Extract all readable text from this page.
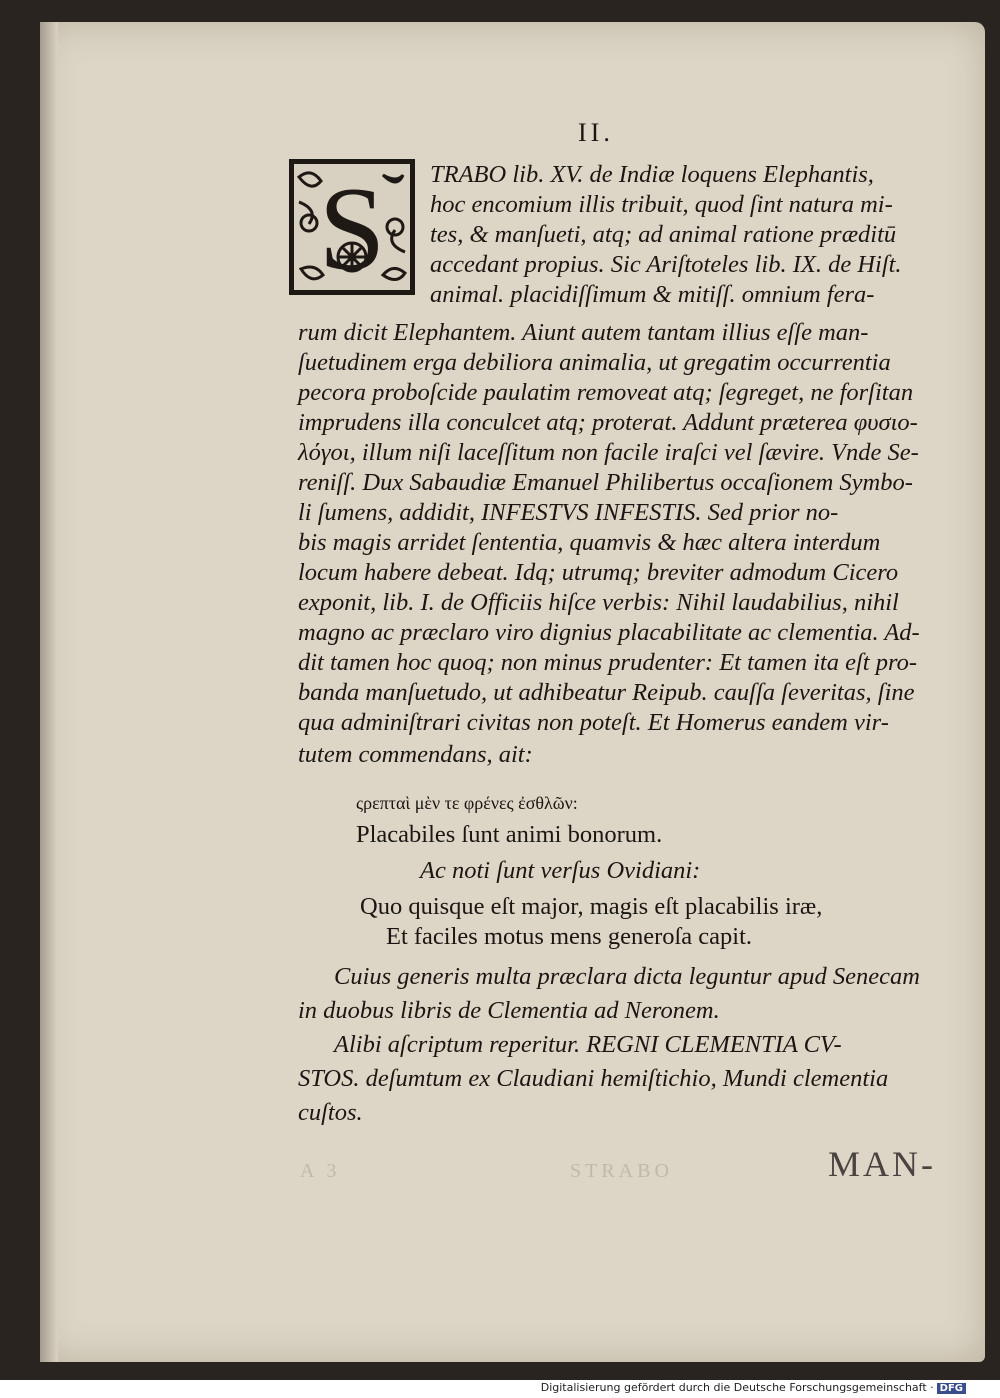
A 3	STRABO
II.
S TRABO lib. XV. de Indiæ loquens Elephantis,
hoc encomium illis tribuit, quod ſint natura mi-
tes, & manſueti, atq; ad animal ratione præditū
accedant propius. Sic Ariſtoteles lib. IX. de Hiſt.
animal. placidiſſimum & mitiſſ. omnium fera-
rum dicit Elephantem. Aiunt autem tantam illius eſſe man-
ſuetudinem erga debiliora animalia, ut gregatim occurrentia
pecora proboſcide paulatim removeat atq; ſegreget, ne forſitan
imprudens illa conculcet atq; proterat. Addunt præterea φυσιο-
λόγοι, illum niſi laceſſitum non facile iraſci vel ſævire. Vnde Se-
reniſſ. Dux Sabaudiæ Emanuel Philibertus occaſionem Symbo-
li ſumens, addidit, INFESTVS INFESTIS. Sed prior no-
bis magis arridet ſententia, quamvis & hæc altera interdum
locum habere debeat. Idq; utrumq; breviter admodum Cicero
exponit, lib. I. de Officiis hiſce verbis: Nihil laudabilius, nihil
magno ac præclaro viro dignius placabilitate ac clementia. Ad-
dit tamen hoc quoq; non minus prudenter: Et tamen ita eſt pro-
banda manſuetudo, ut adhibeatur Reipub. cauſſa ſeveritas, ſine
qua adminiſtrari civitas non poteſt. Et Homerus eandem vir-
tutem commendans, ait:
ςρεπταὶ μὲν τε φρένες ἐσθλῶν:
Placabiles ſunt animi bonorum.
Ac noti ſunt verſus Ovidiani:
Quo quisque eſt major, magis eſt placabilis iræ,
Et faciles motus mens generoſa capit.
Cuius generis multa præclara dicta leguntur apud Senecam
in duobus libris de Clementia ad Neronem.
Alibi aſcriptum reperitur. REGNI CLEMENTIA CV-
STOS. deſumtum ex Claudiani hemiſtichio, Mundi clementia
cuſtos.
MAN-
Digitalisierung gefördert durch die Deutsche Forschungsgemeinschaft · DFG
